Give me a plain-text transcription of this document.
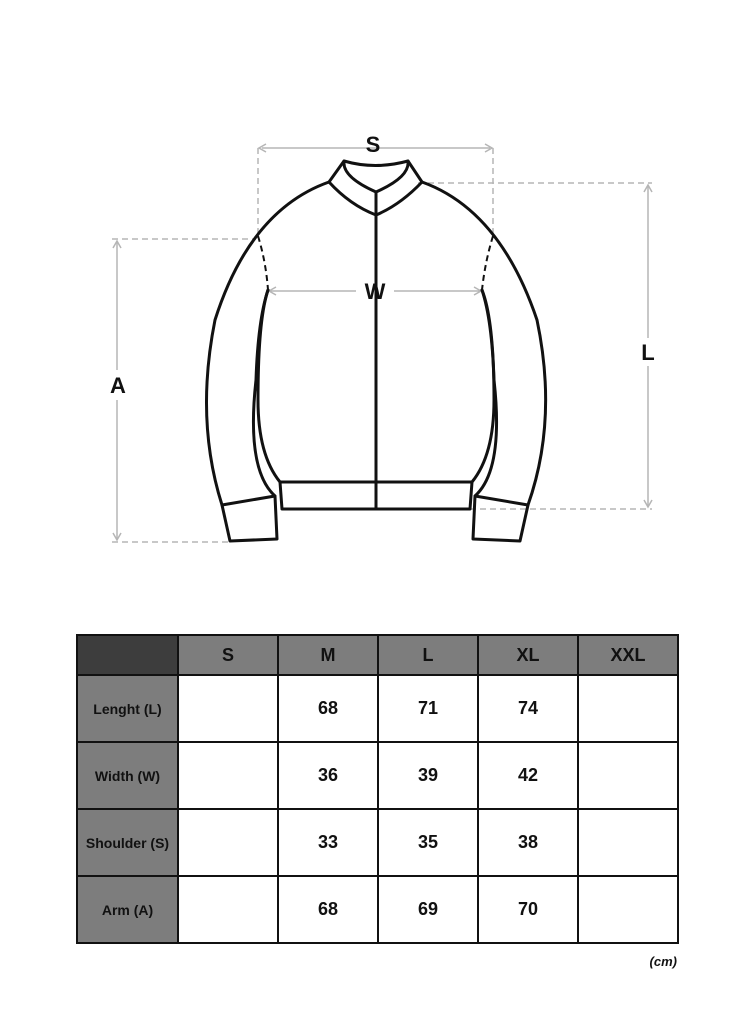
S
W
L
A
	S	M	L	XL	XXL
Lenght (L)		68	71	74	
Width (W)		36	39	42	
Shoulder (S)		33	35	38	
Arm (A)		68	69	70	
(cm)
